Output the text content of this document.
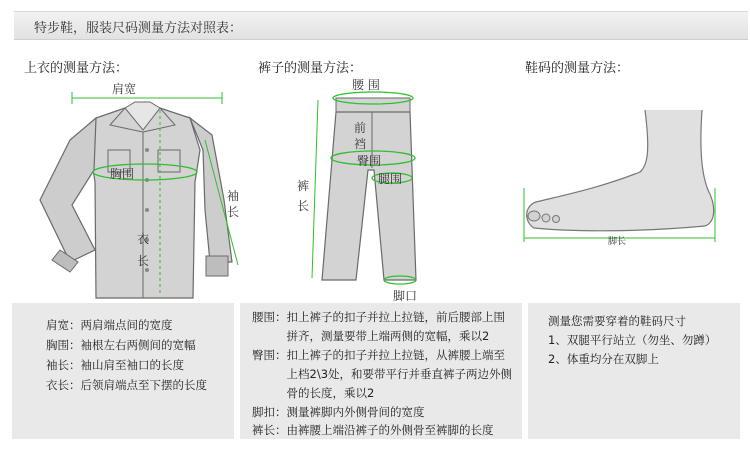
特步鞋，服装尺码测量方法对照表：
上衣的测量方法：	裤子的测量方法：	鞋码的测量方法：
肩宽
胸围
袖长
衣长
腰 围
前裆
臀围
腿围
裤长
脚口
脚长
肩宽：两肩端点间的宽度
胸围：袖根左右两侧间的宽幅
袖长：袖山肩至袖口的长度
衣长：后领肩端点至下摆的长度
腰围：扣上裤子的扣子并拉上拉链，前后腰部上围
　　　拼齐，测量要带上端两侧的宽幅，乘以2
臀围：扣上裤子的扣子并拉上拉链，从裤腰上端至
　　　上档2\3处，和要带平行并垂直裤子两边外侧
　　　骨的长度，乘以2
脚扣：测量裤脚内外侧骨间的宽度
裤长：由裤腰上端沿裤子的外侧骨至裤脚的长度
测量您需要穿着的鞋码尺寸
1、双腿平行站立（勿坐、勿蹲）
2、体重均分在双脚上
